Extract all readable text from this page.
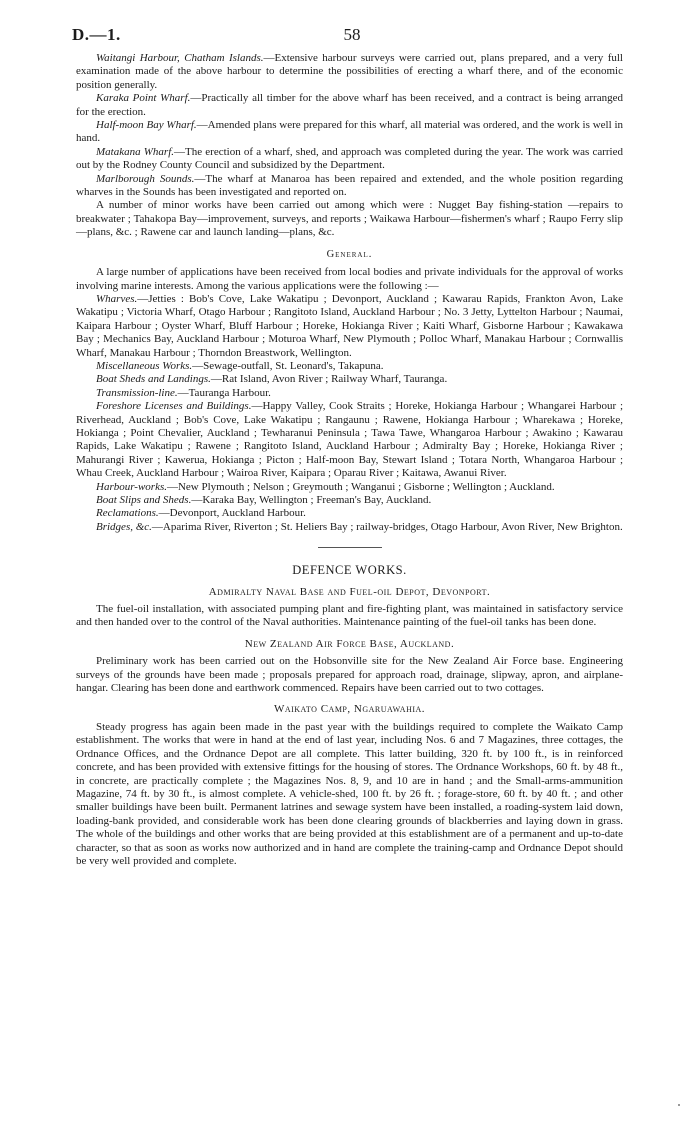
D.—1.	58

Waitangi Harbour, Chatham Islands.—Extensive harbour surveys were carried out, plans prepared, and a very full examination made of the above harbour to determine the possibilities of erecting a wharf there, and of the economic position generally.

Karaka Point Wharf.—Practically all timber for the above wharf has been received, and a contract is being arranged for the erection.

Half-moon Bay Wharf.—Amended plans were prepared for this wharf, all material was ordered, and the work is well in hand.

Matakana Wharf.—The erection of a wharf, shed, and approach was completed during the year. The work was carried out by the Rodney County Council and subsidized by the Department.

Marlborough Sounds.—The wharf at Manaroa has been repaired and extended, and the whole position regarding wharves in the Sounds has been investigated and reported on.

A number of minor works have been carried out among which were : Nugget Bay fishing-station —repairs to breakwater ; Tahakopa Bay—improvement, surveys, and reports ; Waikawa Harbour—fishermen's wharf ; Raupo Ferry slip—plans, &c. ; Rawene car and launch landing—plans, &c.

General.

A large number of applications have been received from local bodies and private individuals for the approval of works involving marine interests. Among the various applications were the following :—

Wharves.—Jetties : Bob's Cove, Lake Wakatipu ; Devonport, Auckland ; Kawarau Rapids, Frankton Avon, Lake Wakatipu ; Victoria Wharf, Otago Harbour ; Rangitoto Island, Auckland Harbour ; No. 3 Jetty, Lyttelton Harbour ; Naumai, Kaipara Harbour ; Oyster Wharf, Bluff Harbour ; Horeke, Hokianga River ; Kaiti Wharf, Gisborne Harbour ; Kawakawa Bay ; Mechanics Bay, Auckland Harbour ; Moturoa Wharf, New Plymouth ; Polloc Wharf, Manakau Harbour ; Cornwallis Wharf, Manakau Harbour ; Thorndon Breastwork, Wellington.

Miscellaneous Works.—Sewage-outfall, St. Leonard's, Takapuna.

Boat Sheds and Landings.—Rat Island, Avon River ; Railway Wharf, Tauranga.

Transmission-line.—Tauranga Harbour.

Foreshore Licenses and Buildings.—Happy Valley, Cook Straits ; Horeke, Hokianga Harbour ; Whangarei Harbour ; Riverhead, Auckland ; Bob's Cove, Lake Wakatipu ; Rangaunu ; Rawene, Hokianga Harbour ; Wharekawa ; Horeke, Hokianga ; Point Chevalier, Auckland ; Tewharanui Peninsula ; Tawa Tawe, Whangaroa Harbour ; Awakino ; Kawarau Rapids, Lake Wakatipu ; Rawene ; Rangitoto Island, Auckland Harbour ; Admiralty Bay ; Horeke, Hokianga River ; Mahurangi River ; Kawerua, Hokianga ; Picton ; Half-moon Bay, Stewart Island ; Totara North, Whangaroa Harbour ; Whau Creek, Auckland Harbour ; Wairoa River, Kaipara ; Oparau River ; Kaitawa, Awanui River.

Harbour-works.—New Plymouth ; Nelson ; Greymouth ; Wanganui ; Gisborne ; Wellington ; Auckland.

Boat Slips and Sheds.—Karaka Bay, Wellington ; Freeman's Bay, Auckland.

Reclamations.—Devonport, Auckland Harbour.

Bridges, &c.—Aparima River, Riverton ; St. Heliers Bay ; railway-bridges, Otago Harbour, Avon River, New Brighton.

DEFENCE WORKS.
Admiralty Naval Base and Fuel-oil Depot, Devonport.

The fuel-oil installation, with associated pumping plant and fire-fighting plant, was maintained in satisfactory service and then handed over to the control of the Naval authorities. Maintenance painting of the fuel-oil tanks has been done.

New Zealand Air Force Base, Auckland.

Preliminary work has been carried out on the Hobsonville site for the New Zealand Air Force base. Engineering surveys of the grounds have been made ; proposals prepared for approach road, drainage, slipway, apron, and airplane-hangar. Clearing has been done and earthwork commenced. Repairs have been carried out to two cottages.

Waikato Camp, Ngaruawahia.

Steady progress has again been made in the past year with the buildings required to complete the Waikato Camp establishment. The works that were in hand at the end of last year, including Nos. 6 and 7 Magazines, three cottages, the Ordnance Offices, and the Ordnance Depot are all complete. This latter building, 320 ft. by 100 ft., is in reinforced concrete, and has been provided with extensive fittings for the housing of stores. The Ordnance Workshops, 60 ft. by 48 ft., in concrete, are practically complete ; the Magazines Nos. 8, 9, and 10 are in hand ; and the Small-arms-ammunition Magazine, 74 ft. by 30 ft., is almost complete. A vehicle-shed, 100 ft. by 26 ft. ; forage-store, 60 ft. by 40 ft. ; and other smaller buildings have been built. Permanent latrines and sewage system have been installed, a roading-system laid down, loading-bank provided, and considerable work has been done clearing grounds of blackberries and laying down in grass. The whole of the buildings and other works that are being provided at this establishment are of a permanent and up-to-date character, so that as soon as works now authorized and in hand are complete the training-camp and Ordnance Depot should be very well provided and complete.
